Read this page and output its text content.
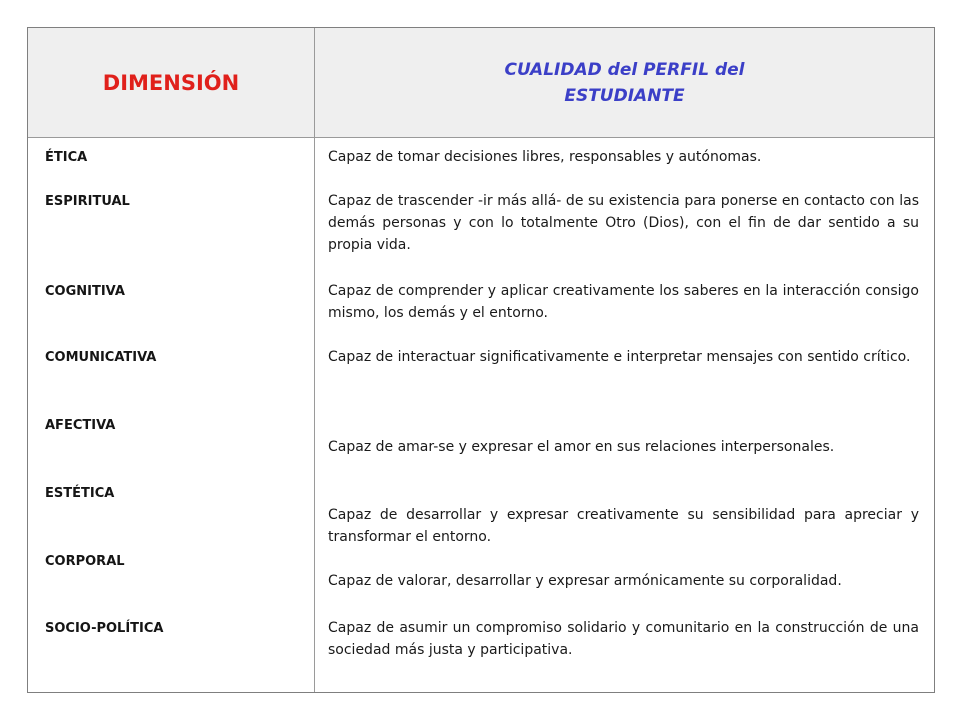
DIMENSIÓN
CUALIDAD del PERFIL del
ESTUDIANTE
ÉTICA
ESPIRITUAL
COGNITIVA
COMUNICATIVA
AFECTIVA
ESTÉTICA
CORPORAL
SOCIO-POLÍTICA
Capaz de tomar decisiones libres, responsables y autónomas.
Capaz de trascender -ir más allá- de su existencia para ponerse en contacto con las demás personas y con lo totalmente Otro (Dios), con el fin de dar sentido a su propia vida.
Capaz de comprender y aplicar creativamente los saberes en la interacción consigo mismo, los demás y el entorno.
Capaz de interactuar significativamente e interpretar mensajes con sentido crítico.
Capaz de amar-se y expresar el amor en sus relaciones interpersonales.
Capaz de desarrollar y expresar creativamente su sensibilidad para apreciar y transformar el entorno.
Capaz de valorar, desarrollar y expresar armónicamente su corporalidad.
Capaz de asumir un compromiso solidario y comunitario en la construcción de una sociedad más justa y participativa.
